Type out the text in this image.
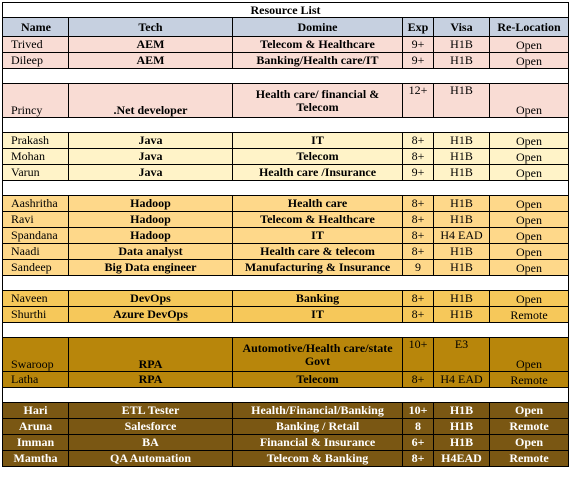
Resource List					
Name	Tech	Domine	Exp	Visa	Re-Location
Trived	AEM	Telecom & Healthcare	9+	H1B	Open
Dileep	AEM	Banking/Health care/IT	9+	H1B	Open

Princy	.Net developer	Health care/ financial & Telecom	12+	H1B	Open

Prakash	Java	IT	8+	H1B	Open
Mohan	Java	Telecom	8+	H1B	Open
Varun	Java	Health care /Insurance	9+	H1B	Open

Aashritha	Hadoop	Health care	8+	H1B	Open
Ravi	Hadoop	Telecom & Healthcare	8+	H1B	Open
Spandana	Hadoop	IT	8+	H4 EAD	Open
Naadi	Data analyst	Health care & telecom	8+	H1B	Open
Sandeep	Big Data engineer	Manufacturing & Insurance	9	H1B	Open

Naveen	DevOps	Banking	8+	H1B	Open
Shurthi	Azure DevOps	IT	8+	H1B	Remote

Swaroop	RPA	Automotive/Health care/state Govt	10+	E3	Open
Latha	RPA	Telecom	8+	H4 EAD	Remote

Hari	ETL Tester	Health/Financial/Banking	10+	H1B	Open
Aruna	Salesforce	Banking / Retail	8	H1B	Remote
Imman	BA	Financial & Insurance	6+	H1B	Open
Mamtha	QA Automation	Telecom & Banking	8+	H4EAD	Remote
